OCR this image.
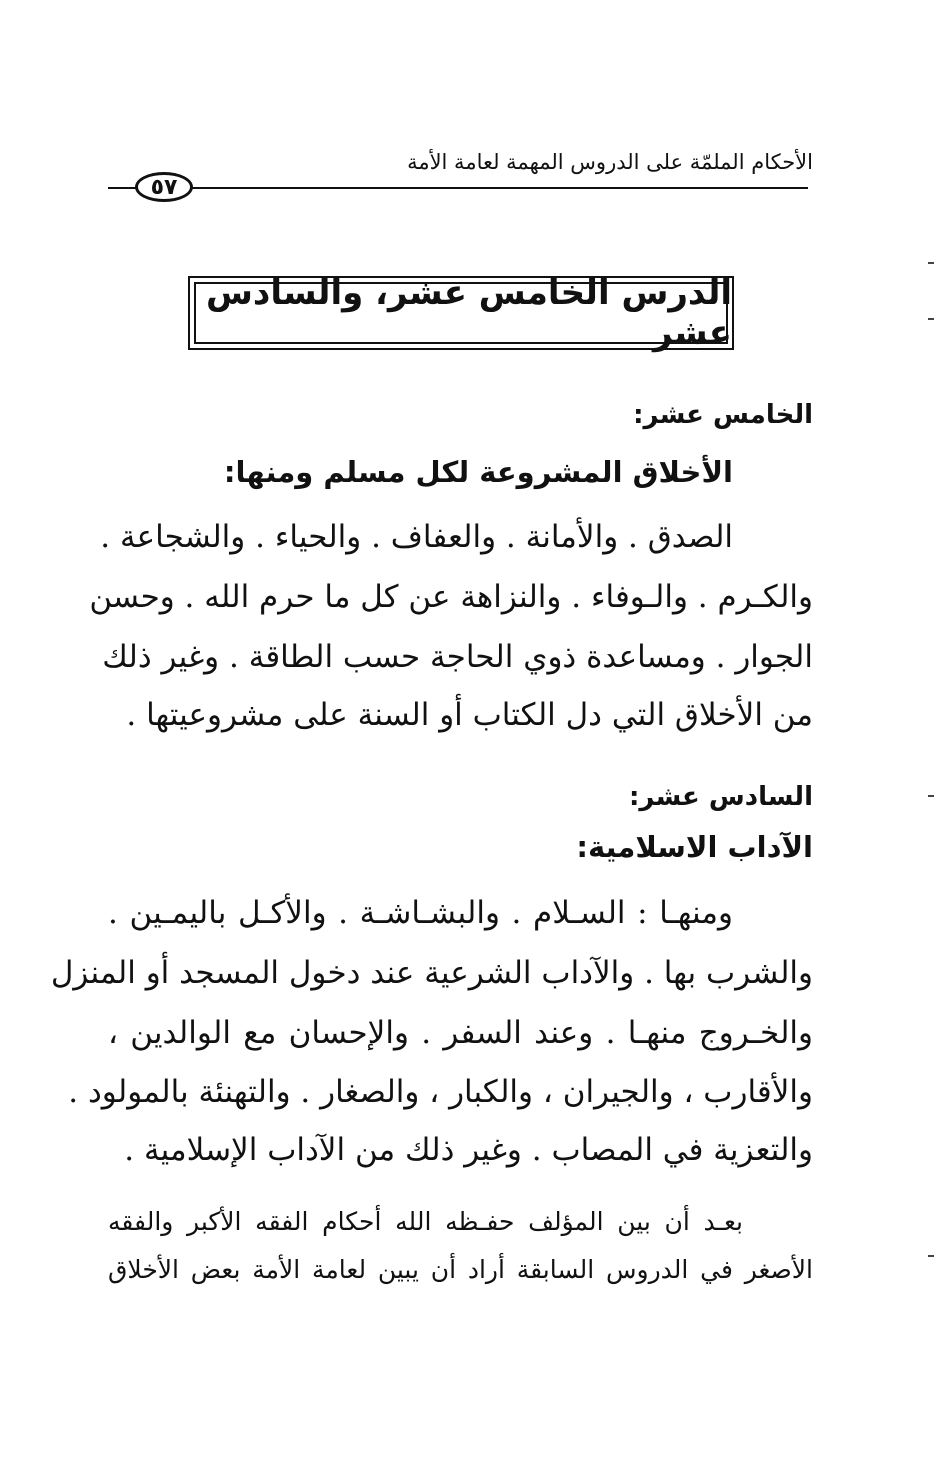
الأحكام الملمّة على الدروس المهمة لعامة الأمة
٥٧
الدرس الخامس عشر، والسادس عشر
الخامس عشر:
الأخلاق المشروعة لكل مسلم ومنها:
الصدق . والأمانة . والعفاف . والحياء . والشجاعة .
والكـرم . والـوفاء . والنزاهة عن كل ما حرم الله . وحسن
الجوار . ومساعدة ذوي الحاجة حسب الطاقة . وغير ذلك
من الأخلاق التي دل الكتاب أو السنة على مشروعيتها .
السادس عشر:
الآداب الاسلامية:
ومنهـا : السـلام . والبشـاشـة . والأكـل باليمـين .
والشرب بها . والآداب الشرعية عند دخول المسجد أو المنزل
والخـروج منهـا . وعند السفر . والإحسان مع الوالدين ،
والأقارب ، والجيران ، والكبار ، والصغار . والتهنئة بالمولود .
والتعزية في المصاب . وغير ذلك من الآداب الإسلامية .
بعـد أن بين المؤلف حفـظه الله أحكام الفقه الأكبر والفقه
الأصغر في الدروس السابقة أراد أن يبين لعامة الأمة بعض الأخلاق
